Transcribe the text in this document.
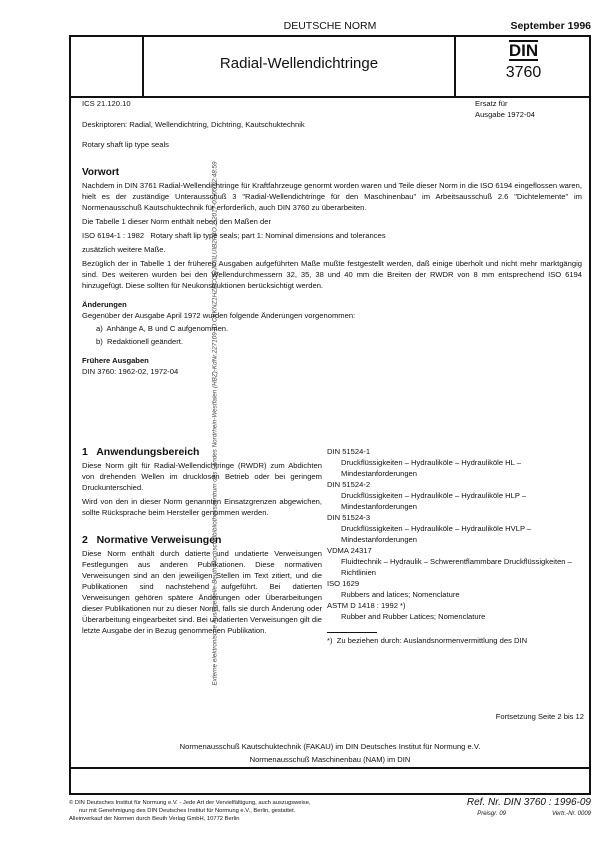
Externe elektronische Auslegestelle-Beuth-Hochschulbibliothekszentrum des Landes Nordrhein-Westfalen (HBZ)-KdNr.227109-ID.CKKNZ1HZECOQJK6ILUIB2R4O.2-2017-07-05 02:48:59
DEUTSCHE NORM	September 1996
Radial-Wellendichtringe
DIN
3760
ICS 21.120.10
Deskriptoren: Radial, Wellendichtring, Dichtring, Kautschuktechnik
Rotary shaft lip type seals
Ersatz für
Ausgabe 1972-04
Vorwort
Nachdem in DIN 3761 Radial-Wellendichtringe für Kraftfahrzeuge genormt worden waren und Teile dieser Norm in die ISO 6194 eingeflossen waren, hielt es der zuständige Unterausschuß 3 "Radial-Wellendichtringe für den Maschinenbau" im Arbeitsausschuß 2.6 "Dichtelemente" im Normenausschuß Kautschuktechnik für erforderlich, auch DIN 3760 zu überarbeiten.
Die Tabelle 1 dieser Norm enthält neben den Maßen der
ISO 6194-1 : 1982   Rotary shaft lip type seals; part 1: Nominal dimensions and tolerances
zusätzlich weitere Maße.
Bezüglich der in Tabelle 1 der früheren Ausgaben aufgeführten Maße mußte festgestellt werden, daß einige überholt und nicht mehr marktgängig sind. Des weiteren wurden bei den Wellendurchmessern 32, 35, 38 und 40 mm die Breiten der RWDR von 8 mm entsprechend ISO 6194 hinzugefügt. Diese sollten für Neukonstruktionen berücksichtigt werden.
Änderungen
Gegenüber der Ausgabe April 1972 wurden folgende Änderungen vorgenommen:
a)  Anhänge A, B und C aufgenommen.
b)  Redaktionell geändert.
Frühere Ausgaben
DIN 3760: 1962-02, 1972-04
1   Anwendungsbereich
Diese Norm gilt für Radial-Wellendichtringe (RWDR) zum Abdichten von drehenden Wellen im drucklosen Betrieb oder bei geringem Druckunterschied.
Wird von den in dieser Norm genannten Einsatzgrenzen abgewichen, sollte Rücksprache beim Hersteller genommen werden.
2   Normative Verweisungen
Diese Norm enthält durch datierte und undatierte Verweisungen Festlegungen aus anderen Publikationen. Diese normativen Verweisungen sind an den jeweiligen Stellen im Text zitiert, und die Publikationen sind nachstehend aufgeführt. Bei datierten Verweisungen gehören spätere Änderungen oder Überarbeitungen dieser Publikationen nur zu dieser Norm, falls sie durch Änderung oder Überarbeitung eingearbeitet sind. Bei undatierten Verweisungen gilt die letzte Ausgabe der in Bezug genommenen Publikation.
DIN 51524-1
Druckflüssigkeiten – Hydrauliköle – Hydrauliköle HL – Mindestanforderungen
DIN 51524-2
Druckflüssigkeiten – Hydrauliköle – Hydrauliköle HLP – Mindestanforderungen
DIN 51524-3
Druckflüssigkeiten – Hydrauliköle – Hydrauliköle HVLP – Mindestanforderungen
VDMA 24317
Fluidtechnik – Hydraulik – Schwerentflammbare Druckflüssigkeiten – Richtlinien
ISO 1629
Rubbers and latices; Nomenclature
ASTM D 1418 : 1992 *)
Rubber and Rubber Latices; Nomenclature
*)  Zu beziehen durch: Auslandsnormenvermittlung des DIN
Fortsetzung Seite 2 bis 12
Normenausschuß Kautschuktechnik (FAKAU) im DIN Deutsches Institut für Normung e.V.
Normenausschuß Maschinenbau (NAM) im DIN
© DIN Deutsches Institut für Normung e.V. - Jede Art der Vervielfältigung, auch auszugsweise,
nur mit Genehmigung des DIN Deutsches Institut für Normung e.V., Berlin, gestattet.
Alleinverkauf der Normen durch Beuth Verlag GmbH, 10772 Berlin
Ref. Nr. DIN 3760 : 1996-09
Preisgr. 09	Vertr.-Nr. 0009
